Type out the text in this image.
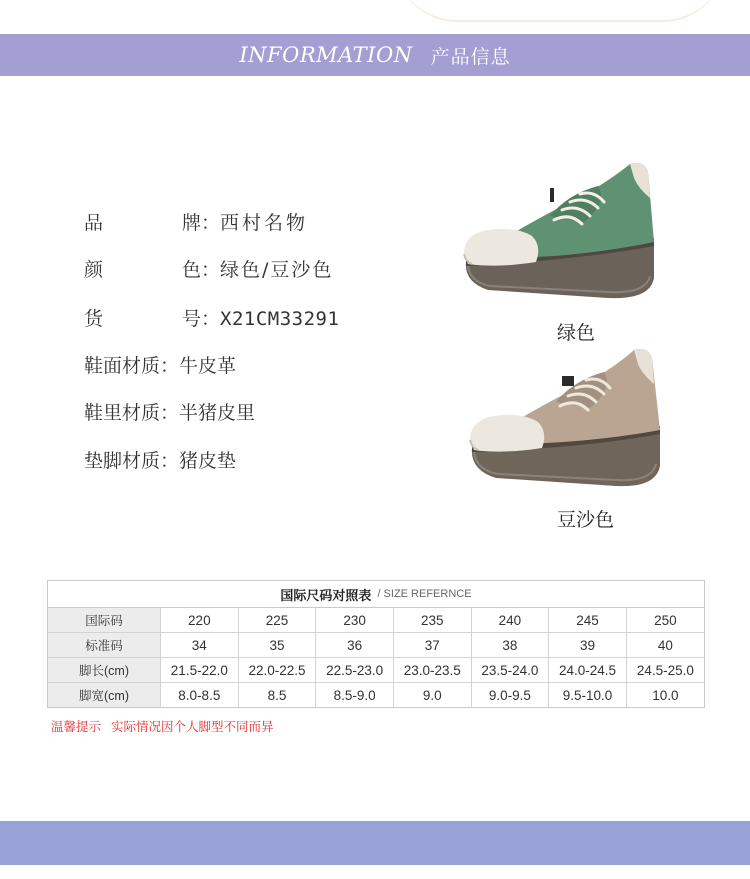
INFORMATION 产品信息
品	牌： 西村名物
颜	色： 绿色/豆沙色
货	号： X21CM33291
鞋面材质：牛皮革
鞋里材质：半猪皮里
垫脚材质：猪皮垫
绿色
豆沙色
国际尺码对照表 / SIZE REFERNCE
国际码	220	225	230	235	240	245	250
标准码	34	35	36	37	38	39	40
脚长(cm)	21.5-22.0	22.0-22.5	22.5-23.0	23.0-23.5	23.5-24.0	24.0-24.5	24.5-25.0
脚宽(cm)	8.0-8.5	8.5	8.5-9.0	9.0	9.0-9.5	9.5-10.0	10.0
温馨提示 实际情况因个人脚型不同而异
